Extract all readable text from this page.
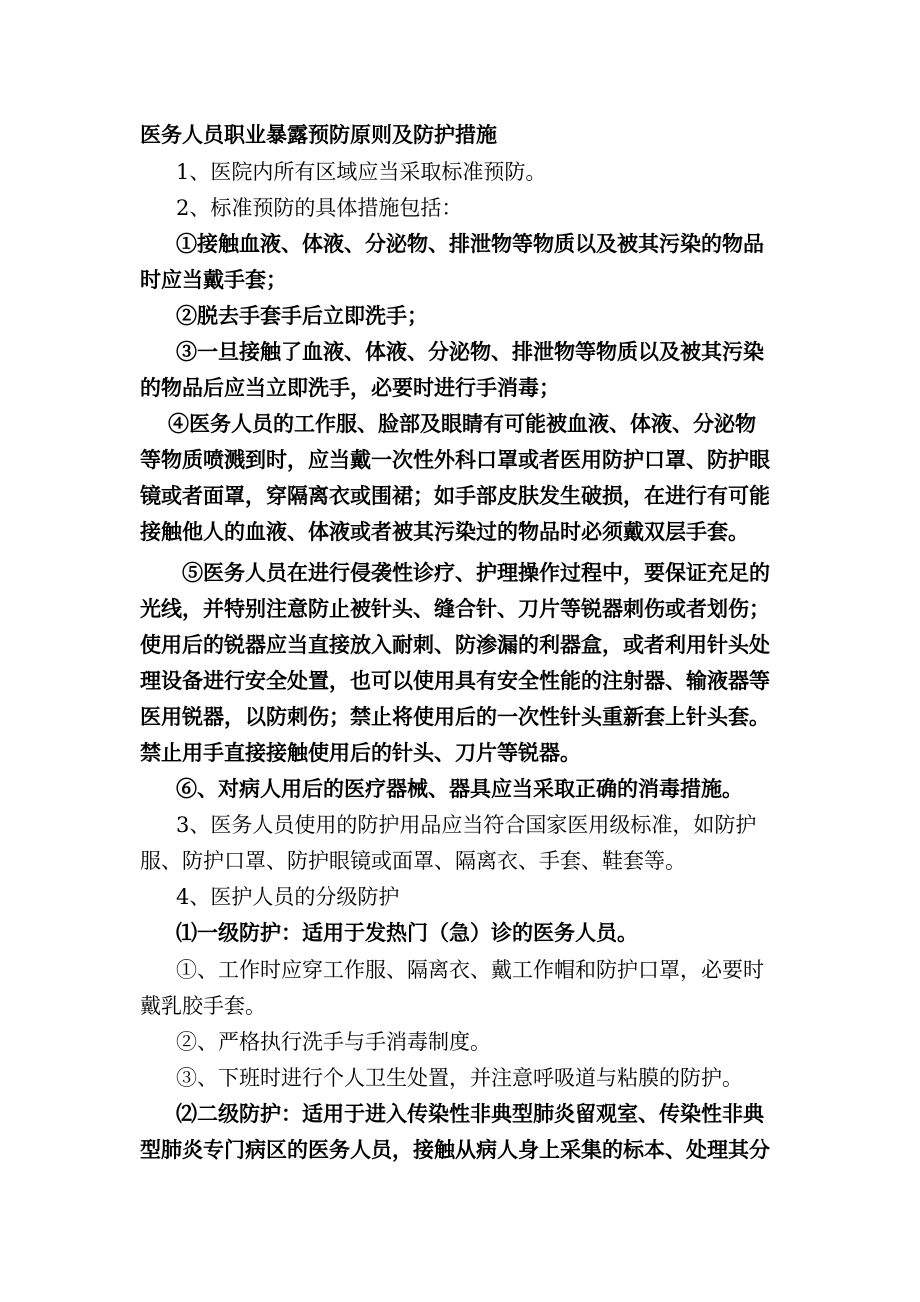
医务人员职业暴露预防原则及防护措施
1、医院内所有区域应当采取标准预防。
2、标准预防的具体措施包括：
①接触血液、体液、分泌物、排泄物等物质以及被其污染的物品
时应当戴手套；
②脱去手套手后立即洗手；
③一旦接触了血液、体液、分泌物、排泄物等物质以及被其污染
的物品后应当立即洗手，必要时进行手消毒；
④医务人员的工作服、脸部及眼睛有可能被血液、体液、分泌物
等物质喷溅到时，应当戴一次性外科口罩或者医用防护口罩、防护眼
镜或者面罩，穿隔离衣或围裙；如手部皮肤发生破损，在进行有可能
接触他人的血液、体液或者被其污染过的物品时必须戴双层手套。
⑤医务人员在进行侵袭性诊疗、护理操作过程中，要保证充足的
光线，并特别注意防止被针头、缝合针、刀片等锐器刺伤或者划伤；
使用后的锐器应当直接放入耐刺、防渗漏的利器盒，或者利用针头处
理设备进行安全处置，也可以使用具有安全性能的注射器、输液器等
医用锐器，以防刺伤；禁止将使用后的一次性针头重新套上针头套。
禁止用手直接接触使用后的针头、刀片等锐器。
⑥、对病人用后的医疗器械、器具应当采取正确的消毒措施。
3、医务人员使用的防护用品应当符合国家医用级标准，如防护
服、防护口罩、防护眼镜或面罩、隔离衣、手套、鞋套等。
4、医护人员的分级防护
⑴一级防护：适用于发热门（急）诊的医务人员。
①、工作时应穿工作服、隔离衣、戴工作帽和防护口罩，必要时
戴乳胶手套。
②、严格执行洗手与手消毒制度。
③、下班时进行个人卫生处置，并注意呼吸道与粘膜的防护。
⑵二级防护：适用于进入传染性非典型肺炎留观室、传染性非典
型肺炎专门病区的医务人员，接触从病人身上采集的标本、处理其分
